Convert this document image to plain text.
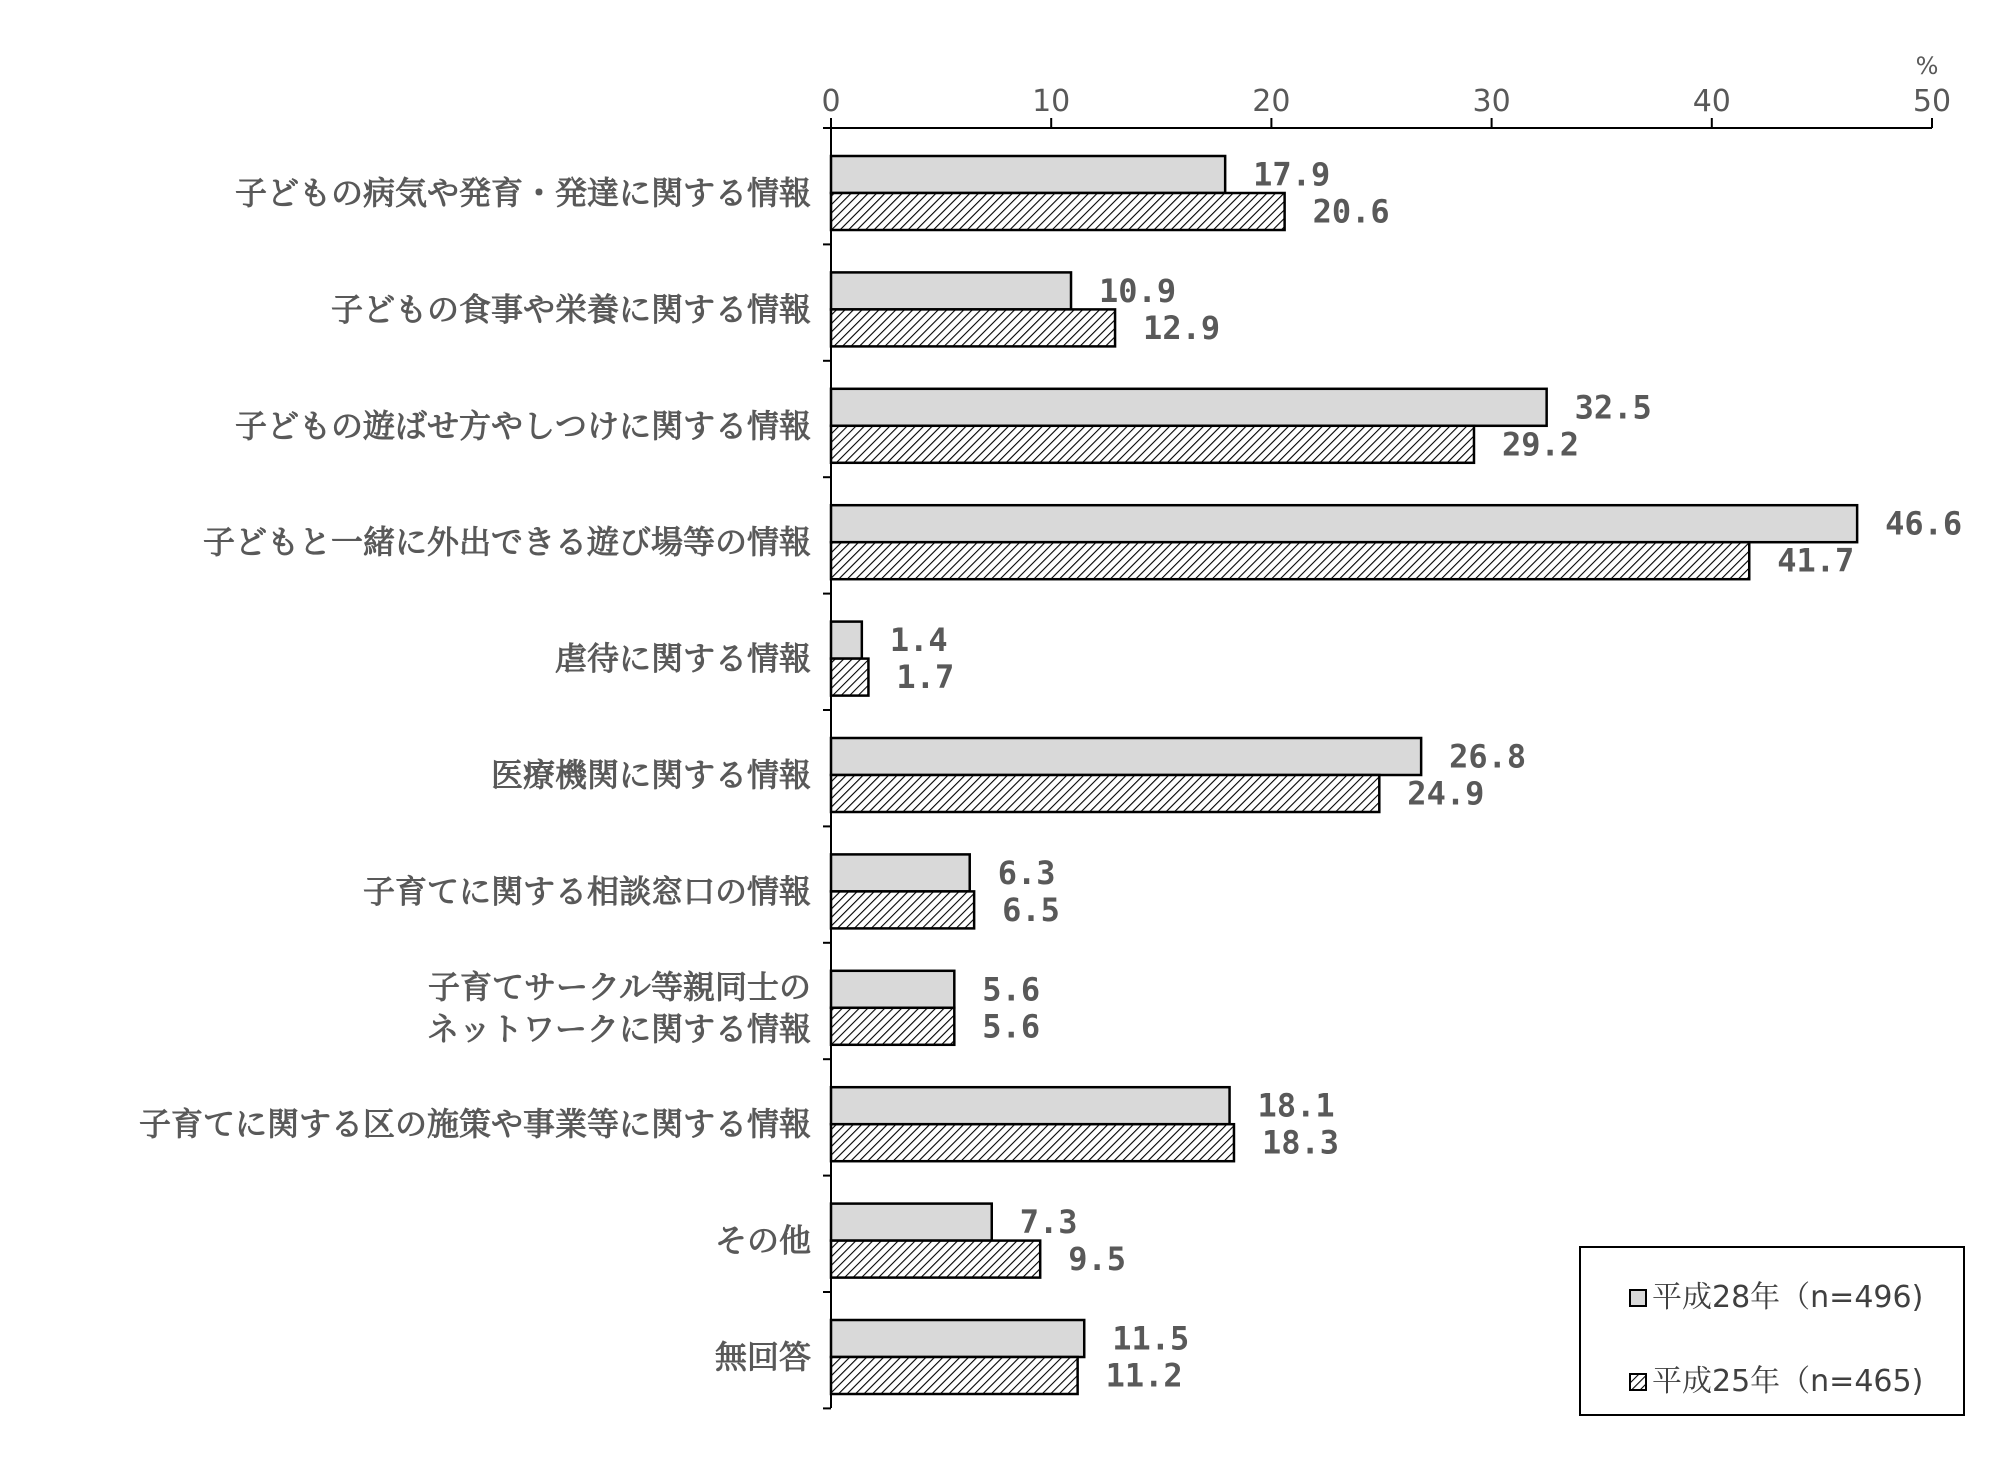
0	10	20	30	40	50
%
17.9
20.6
10.9
12.9
32.5
29.2
46.6
41.7
1.4
1.7
26.8
24.9
6.3
6.5
5.6
5.6
18.1
18.3
7.3
9.5
11.5
11.2
子どもの病気や発育・発達に関する情報
子どもの食事や栄養に関する情報
子どもの遊ばせ方やしつけに関する情報
子どもと一緒に外出できる遊び場等の情報
虐待に関する情報
医療機関に関する情報
子育てに関する相談窓口の情報
子育てサークル等親同士の
ネットワークに関する情報
子育てに関する区の施策や事業等に関する情報
その他
無回答
平成28年（n=496)
平成25年（n=465)
